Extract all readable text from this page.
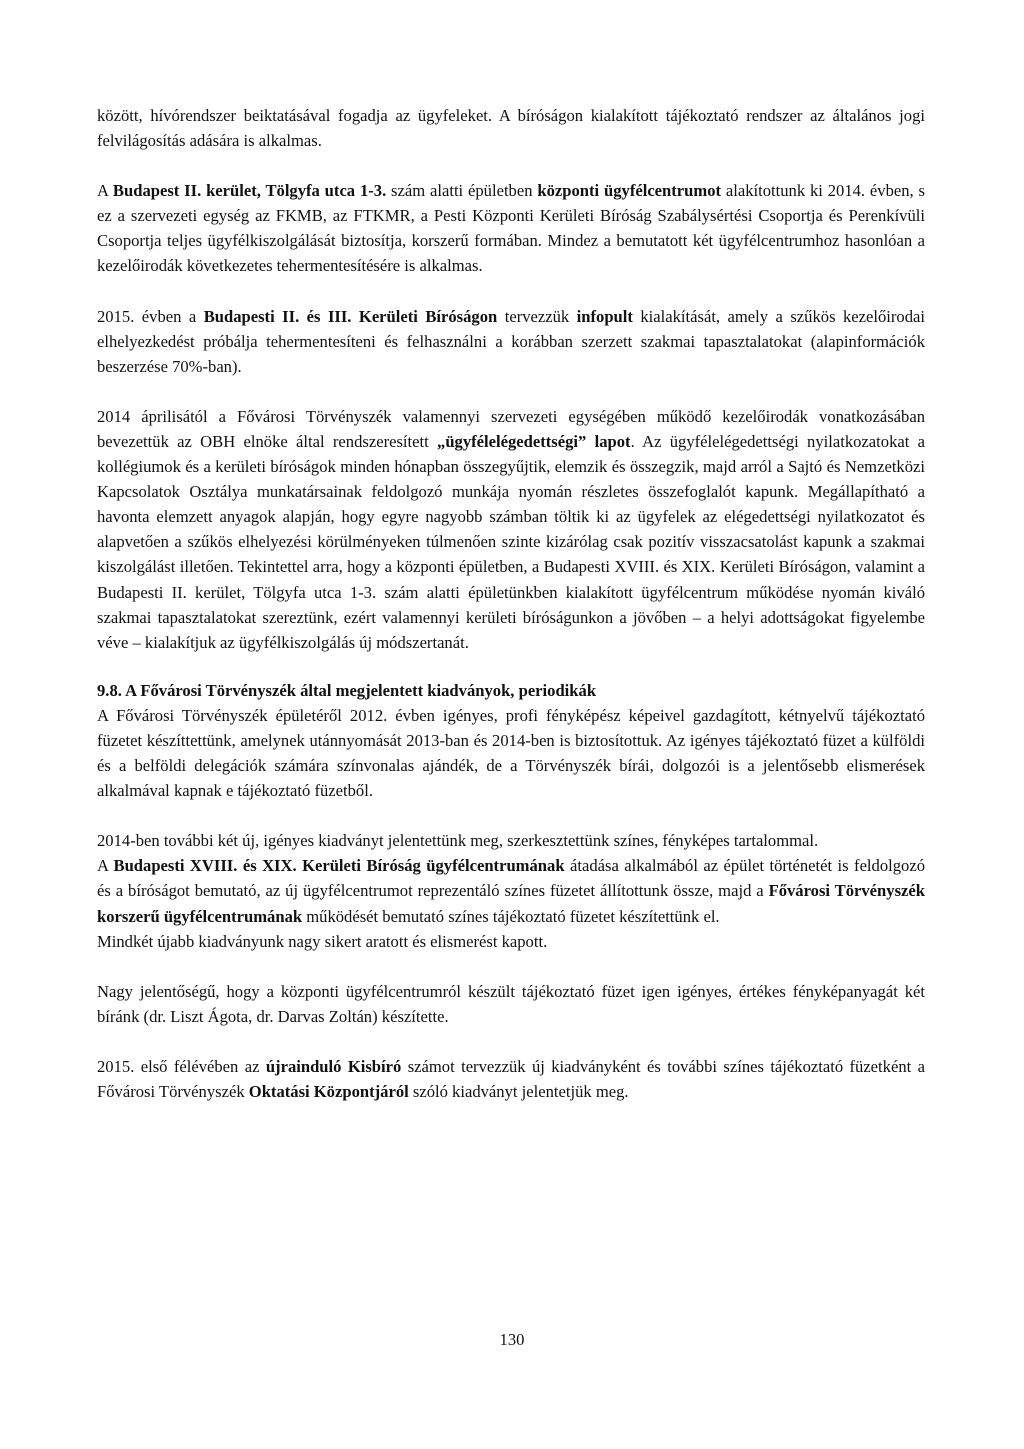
között, hívórendszer beiktatásával fogadja az ügyfeleket. A bíróságon kialakított tájékoztató rendszer az általános jogi felvilágosítás adására is alkalmas.

A Budapest II. kerület, Tölgyfa utca 1-3. szám alatti épületben központi ügyfélcentrumot alakítottunk ki 2014. évben, s ez a szervezeti egység az FKMB, az FTKMR, a Pesti Központi Kerületi Bíróság Szabálysértési Csoportja és Perenkívüli Csoportja teljes ügyfélkiszolgálását biztosítja, korszerű formában. Mindez a bemutatott két ügyfélcentrumhoz hasonlóan a kezelőirodák következetes tehermentesítésére is alkalmas.

2015. évben a Budapesti II. és III. Kerületi Bíróságon tervezzük infopult kialakítását, amely a szűkös kezelőirodai elhelyezkedést próbálja tehermentesíteni és felhasználni a korábban szerzett szakmai tapasztalatokat (alapinformációk beszerzése 70%-ban).

2014 áprilisától a Fővárosi Törvényszék valamennyi szervezeti egységében működő kezelőirodák vonatkozásában bevezettük az OBH elnöke által rendszeresített „ügyfélelégedettségi” lapot. Az ügyfélelégedettségi nyilatkozatokat a kollégiumok és a kerületi bíróságok minden hónapban összegyűjtik, elemzik és összegzik, majd arról a Sajtó és Nemzetközi Kapcsolatok Osztálya munkatársainak feldolgozó munkája nyomán részletes összefoglalót kapunk. Megállapítható a havonta elemzett anyagok alapján, hogy egyre nagyobb számban töltik ki az ügyfelek az elégedettségi nyilatkozatot és alapvetően a szűkös elhelyezési körülményeken túlmenően szinte kizárólag csak pozitív visszacsatolást kapunk a szakmai kiszolgálást illetően. Tekintettel arra, hogy a központi épületben, a Budapesti XVIII. és XIX. Kerületi Bíróságon, valamint a Budapesti II. kerület, Tölgyfa utca 1-3. szám alatti épületünkben kialakított ügyfélcentrum működése nyomán kiváló szakmai tapasztalatokat szereztünk, ezért valamennyi kerületi bíróságunkon a jövőben – a helyi adottságokat figyelembe véve – kialakítjuk az ügyfélkiszolgálás új módszertanát.

9.8. A Fővárosi Törvényszék által megjelentett kiadványok, periodikák

A Fővárosi Törvényszék épületéről 2012. évben igényes, profi fényképész képeivel gazdagított, kétnyelvű tájékoztató füzetet készíttettünk, amelynek utánnyomását 2013-ban és 2014-ben is biztosítottuk. Az igényes tájékoztató füzet a külföldi és a belföldi delegációk számára színvonalas ajándék, de a Törvényszék bírái, dolgozói is a jelentősebb elismerések alkalmával kapnak e tájékoztató füzetből.

2014-ben további két új, igényes kiadványt jelentettünk meg, szerkesztettünk színes, fényképes tartalommal.

A Budapesti XVIII. és XIX. Kerületi Bíróság ügyfélcentrumának átadása alkalmából az épület történetét is feldolgozó és a bíróságot bemutató, az új ügyfélcentrumot reprezentáló színes füzetet állítottunk össze, majd a Fővárosi Törvényszék korszerű ügyfélcentrumának működését bemutató színes tájékoztató füzetet készítettünk el.

Mindkét újabb kiadványunk nagy sikert aratott és elismerést kapott.

Nagy jelentőségű, hogy a központi ügyfélcentrumról készült tájékoztató füzet igen igényes, értékes fényképanyagát két bíránk (dr. Liszt Ágota, dr. Darvas Zoltán) készítette.

2015. első félévében az újrainduló Kisbíró számot tervezzük új kiadványként és további színes tájékoztató füzetként a Fővárosi Törvényszék Oktatási Központjáról szóló kiadványt jelentetjük meg.

130
